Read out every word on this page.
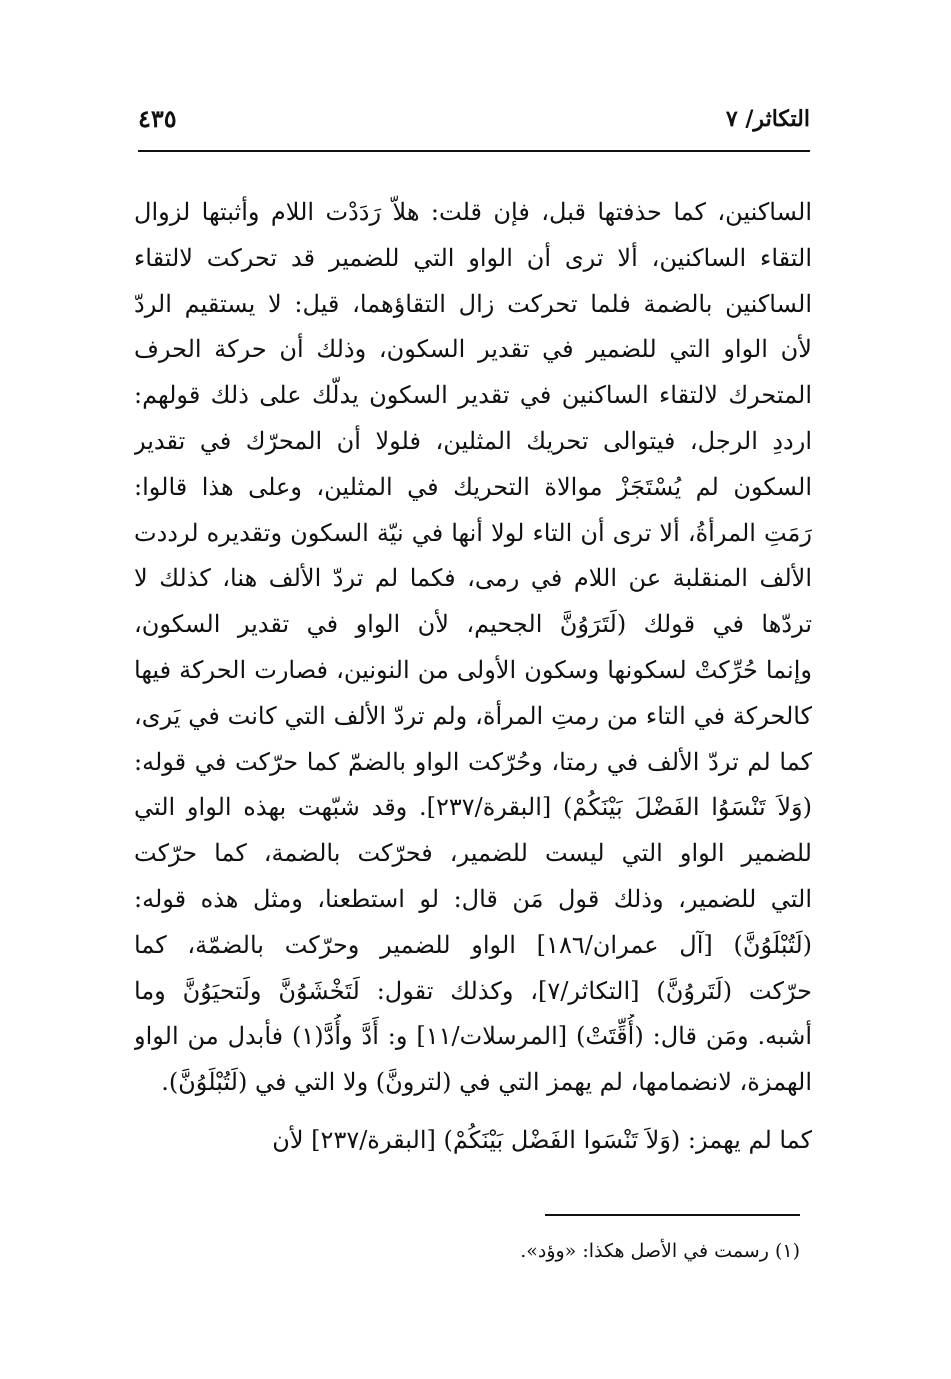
التكاثر/ ٧
٤٣٥
الساكنين، كما حذفتها قبل، فإن قلت: هلاّ رَدَدْت اللام وأثبتها لزوال
التقاء الساكنين، ألا ترى أن الواو التي للضمير قد تحركت لالتقاء
الساكنين بالضمة فلما تحركت زال التقاؤهما، قيل: لا يستقيم الردّ
لأن الواو التي للضمير في تقدير السكون، وذلك أن حركة الحرف
المتحرك لالتقاء الساكنين في تقدير السكون يدلّك على ذلك قولهم:
ارددِ الرجل، فيتوالى تحريك المثلين، فلولا أن المحرّك في تقدير
السكون لم يُسْتَجَزْ موالاة التحريك في المثلين، وعلى هذا قالوا:
رَمَتِ المرأةُ، ألا ترى أن التاء لولا أنها في نيّة السكون وتقديره لرددت
الألف المنقلبة عن اللام في رمى، فكما لم تردّ الألف هنا، كذلك لا
تردّها في قولك (لَتَرَوُنَّ الجحيم، لأن الواو في تقدير السكون،
وإنما حُرِّكتْ لسكونها وسكون الأولى من النونين، فصارت الحركة فيها
كالحركة في التاء من رمتِ المرأة، ولم تردّ الألف التي كانت في يَرى،
كما لم تردّ الألف في رمتا، وحُرّكت الواو بالضمّ كما حرّكت في قوله:
(وَلاَ تَنْسَوُا الفَضْلَ بَيْنَكُمْ) [البقرة/٢٣٧]. وقد شبّهت بهذه الواو التي
للضمير الواو التي ليست للضمير، فحرّكت بالضمة، كما حرّكت
التي للضمير، وذلك قول مَن قال: لو استطعنا، ومثل هذه قوله:
(لَتُبْلَوُنَّ) [آل عمران/١٨٦] الواو للضمير وحرّكت بالضمّة، كما
حرّكت (لَتَروُنَّ) [التكاثر/٧]، وكذلك تقول: لَتَخْشَوُنَّ ولَتحيَوُنَّ وما
أشبه. ومَن قال: (أُقِّتَتْ) [المرسلات/١١] و: أَدَّ وأُدَّ(١) فأبدل من الواو
الهمزة، لانضمامها، لم يهمز التي في (لترونَّ) ولا التي في (لَتُبْلَوُنَّ).
كما لم يهمز: (وَلاَ تَنْسَوا الفَضْل بَيْنَكُمْ) [البقرة/٢٣٧] لأن
(١) رسمت في الأصل هكذا: «وؤد».
